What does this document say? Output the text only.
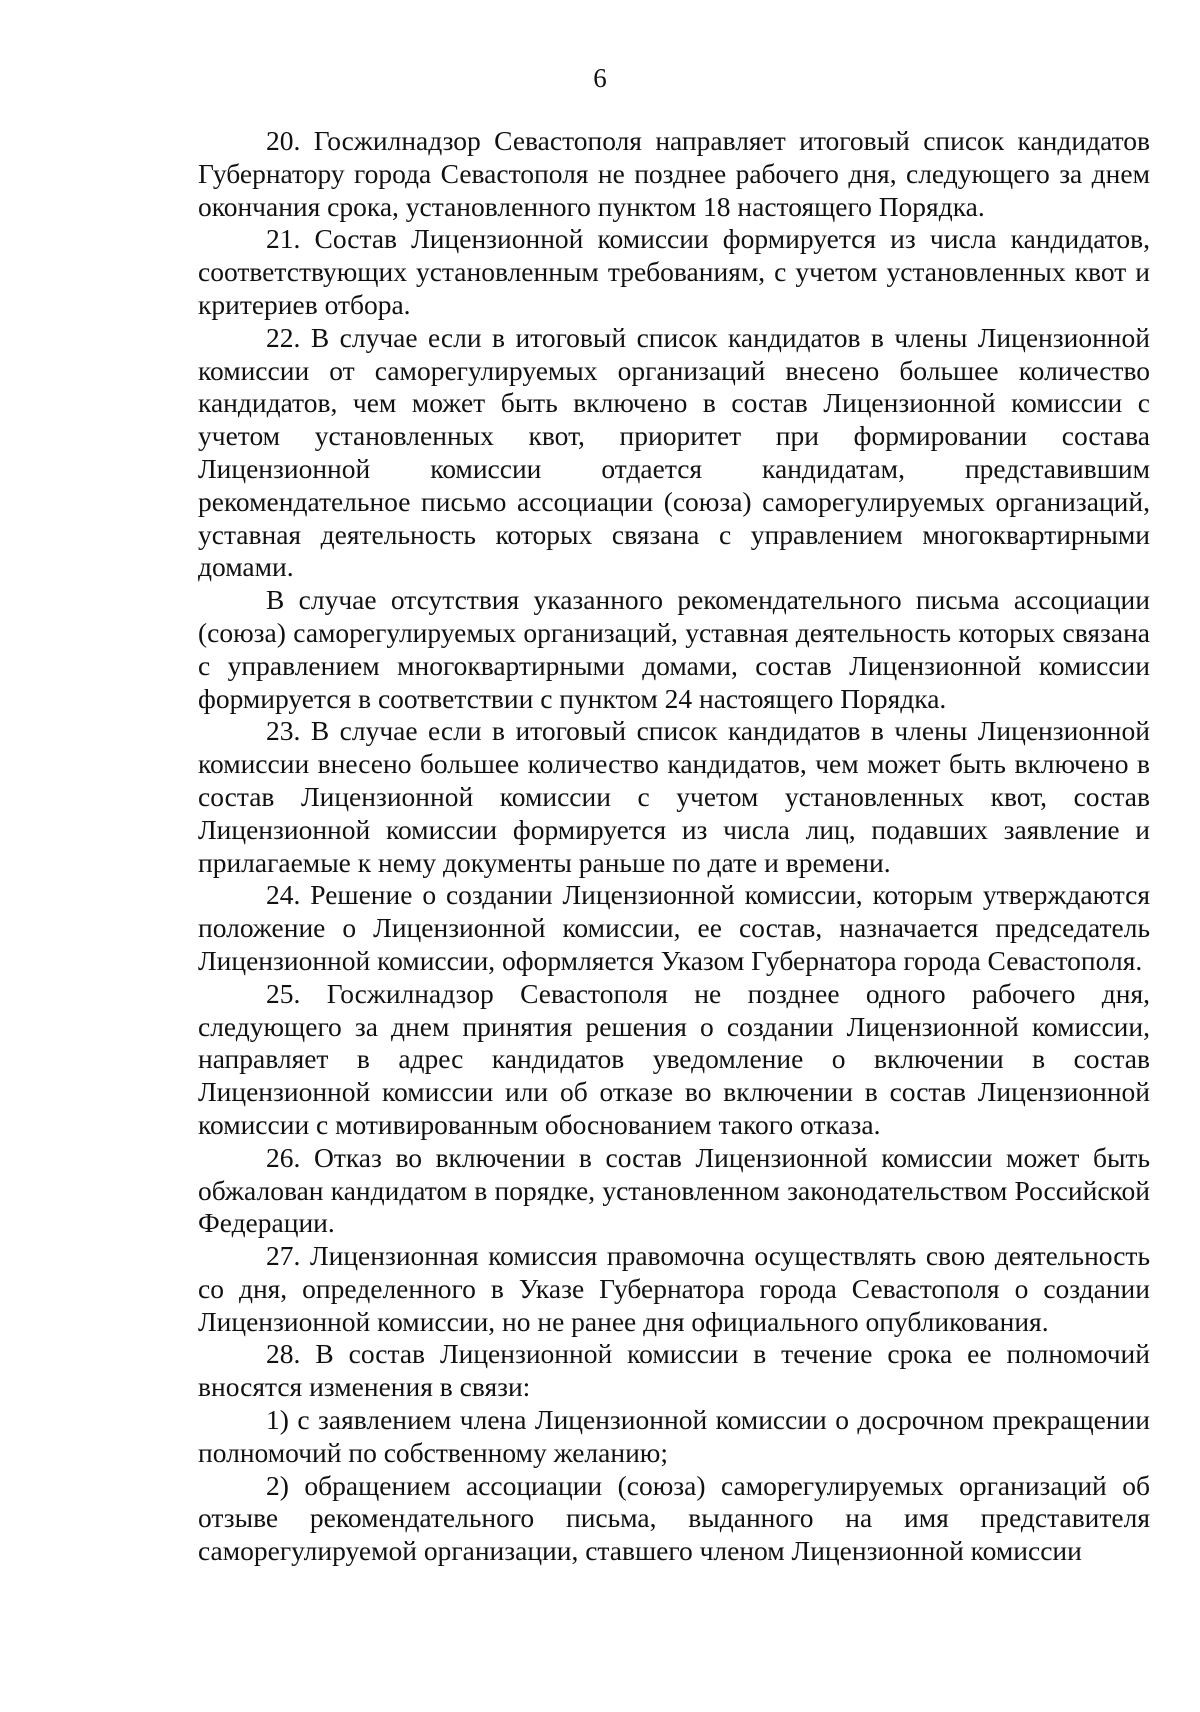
6

20. Госжилнадзор Севастополя направляет итоговый список кандидатов Губернатору города Севастополя не позднее рабочего дня, следующего за днем окончания срока, установленного пунктом 18 настоящего Порядка.

21. Состав Лицензионной комиссии формируется из числа кандидатов, соответствующих установленным требованиям, с учетом установленных квот и критериев отбора.

22. В случае если в итоговый список кандидатов в члены Лицензионной комиссии от саморегулируемых организаций внесено большее количество кандидатов, чем может быть включено в состав Лицензионной комиссии с учетом установленных квот, приоритет при формировании состава Лицензионной комиссии отдается кандидатам, представившим рекомендательное письмо ассоциации (союза) саморегулируемых организаций, уставная деятельность которых связана с управлением многоквартирными домами.

В случае отсутствия указанного рекомендательного письма ассоциации (союза) саморегулируемых организаций, уставная деятельность которых связана с управлением многоквартирными домами, состав Лицензионной комиссии формируется в соответствии с пунктом 24 настоящего Порядка.

23. В случае если в итоговый список кандидатов в члены Лицензионной комиссии внесено большее количество кандидатов, чем может быть включено в состав Лицензионной комиссии с учетом установленных квот, состав Лицензионной комиссии формируется из числа лиц, подавших заявление и прилагаемые к нему документы раньше по дате и времени.

24. Решение о создании Лицензионной комиссии, которым утверждаются положение о Лицензионной комиссии, ее состав, назначается председатель Лицензионной комиссии, оформляется Указом Губернатора города Севастополя.

25. Госжилнадзор Севастополя не позднее одного рабочего дня, следующего за днем принятия решения о создании Лицензионной комиссии, направляет в адрес кандидатов уведомление о включении в состав Лицензионной комиссии или об отказе во включении в состав Лицензионной комиссии с мотивированным обоснованием такого отказа.

26. Отказ во включении в состав Лицензионной комиссии может быть обжалован кандидатом в порядке, установленном законодательством Российской Федерации.

27. Лицензионная комиссия правомочна осуществлять свою деятельность со дня, определенного в Указе Губернатора города Севастополя о создании Лицензионной комиссии, но не ранее дня официального опубликования.

28. В состав Лицензионной комиссии в течение срока ее полномочий вносятся изменения в связи:

1) с заявлением члена Лицензионной комиссии о досрочном прекращении полномочий по собственному желанию;

2) обращением ассоциации (союза) саморегулируемых организаций об отзыве рекомендательного письма, выданного на имя представителя саморегулируемой организации, ставшего членом Лицензионной комиссии
